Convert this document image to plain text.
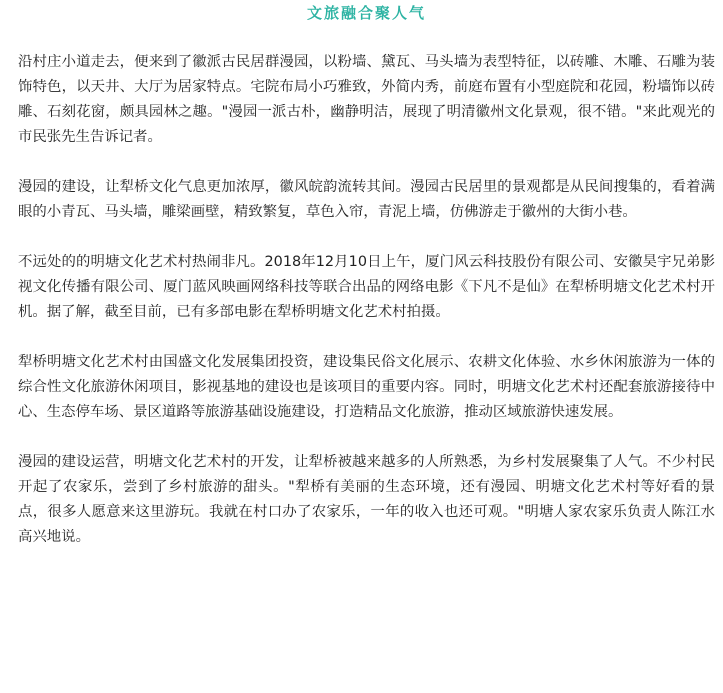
文旅融合聚人气

沿村庄小道走去，便来到了徽派古民居群漫园，以粉墙、黛瓦、马头墙为表型特征，以砖雕、木雕、石雕为装饰特色，以天井、大厅为居家特点。宅院布局小巧雅致，外简内秀，前庭布置有小型庭院和花园，粉墙饰以砖雕、石刻花窗，颇具园林之趣。"漫园一派古朴，幽静明洁，展现了明清徽州文化景观，很不错。"来此观光的市民张先生告诉记者。

漫园的建设，让犁桥文化气息更加浓厚，徽风皖韵流转其间。漫园古民居里的景观都是从民间搜集的，看着满眼的小青瓦、马头墙，雕梁画壁，精致繁复，草色入帘，青泥上墙，仿佛游走于徽州的大街小巷。

不远处的的明塘文化艺术村热闹非凡。2018年12月10日上午，厦门风云科技股份有限公司、安徽昊宇兄弟影视文化传播有限公司、厦门蓝风映画网络科技等联合出品的网络电影《下凡不是仙》在犁桥明塘文化艺术村开机。据了解，截至目前，已有多部电影在犁桥明塘文化艺术村拍摄。

犁桥明塘文化艺术村由国盛文化发展集团投资，建设集民俗文化展示、农耕文化体验、水乡休闲旅游为一体的综合性文化旅游休闲项目，影视基地的建设也是该项目的重要内容。同时，明塘文化艺术村还配套旅游接待中心、生态停车场、景区道路等旅游基础设施建设，打造精品文化旅游，推动区域旅游快速发展。

漫园的建设运营，明塘文化艺术村的开发，让犁桥被越来越多的人所熟悉，为乡村发展聚集了人气。不少村民开起了农家乐，尝到了乡村旅游的甜头。"犁桥有美丽的生态环境，还有漫园、明塘文化艺术村等好看的景点，很多人愿意来这里游玩。我就在村口办了农家乐，一年的收入也还可观。"明塘人家农家乐负责人陈江水高兴地说。
